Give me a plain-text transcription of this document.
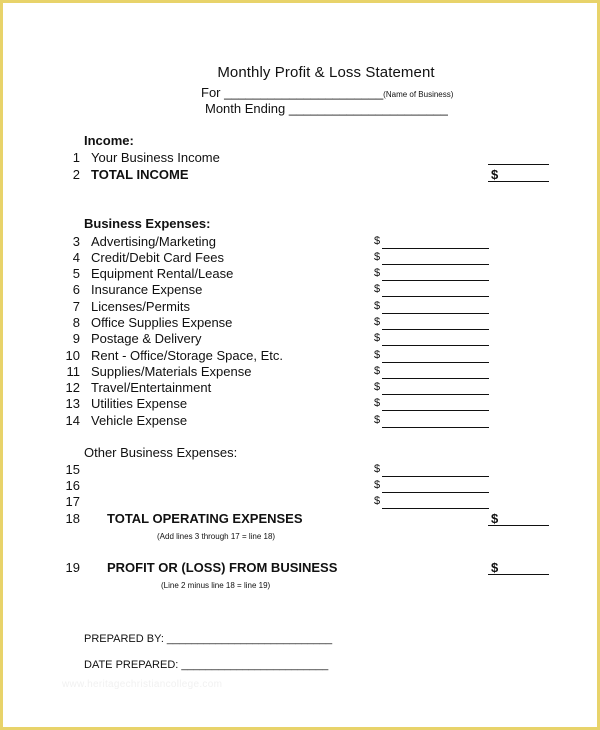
Monthly Profit & Loss Statement
For ______________________(Name of Business)
Month Ending ______________________
Income:
1 Your Business Income
2 TOTAL INCOME	$
Business Expenses:
3 Advertising/Marketing	$
4 Credit/Debit Card Fees	$
5 Equipment Rental/Lease	$
6 Insurance Expense	$
7 Licenses/Permits	$
8 Office Supplies Expense	$
9 Postage & Delivery	$
10 Rent - Office/Storage Space, Etc.	$
11 Supplies/Materials Expense	$
12 Travel/Entertainment	$
13 Utilities Expense	$
14 Vehicle Expense	$
Other Business Expenses:
15	$
16	$
17	$
18 TOTAL OPERATING EXPENSES	$
(Add lines 3 through 17 = line 18)
19 PROFIT OR (LOSS) FROM BUSINESS	$
(Line 2 minus line 18 = line 19)
PREPARED BY: ___________________________
DATE PREPARED: ________________________
www.heritagechristiancollege.com
